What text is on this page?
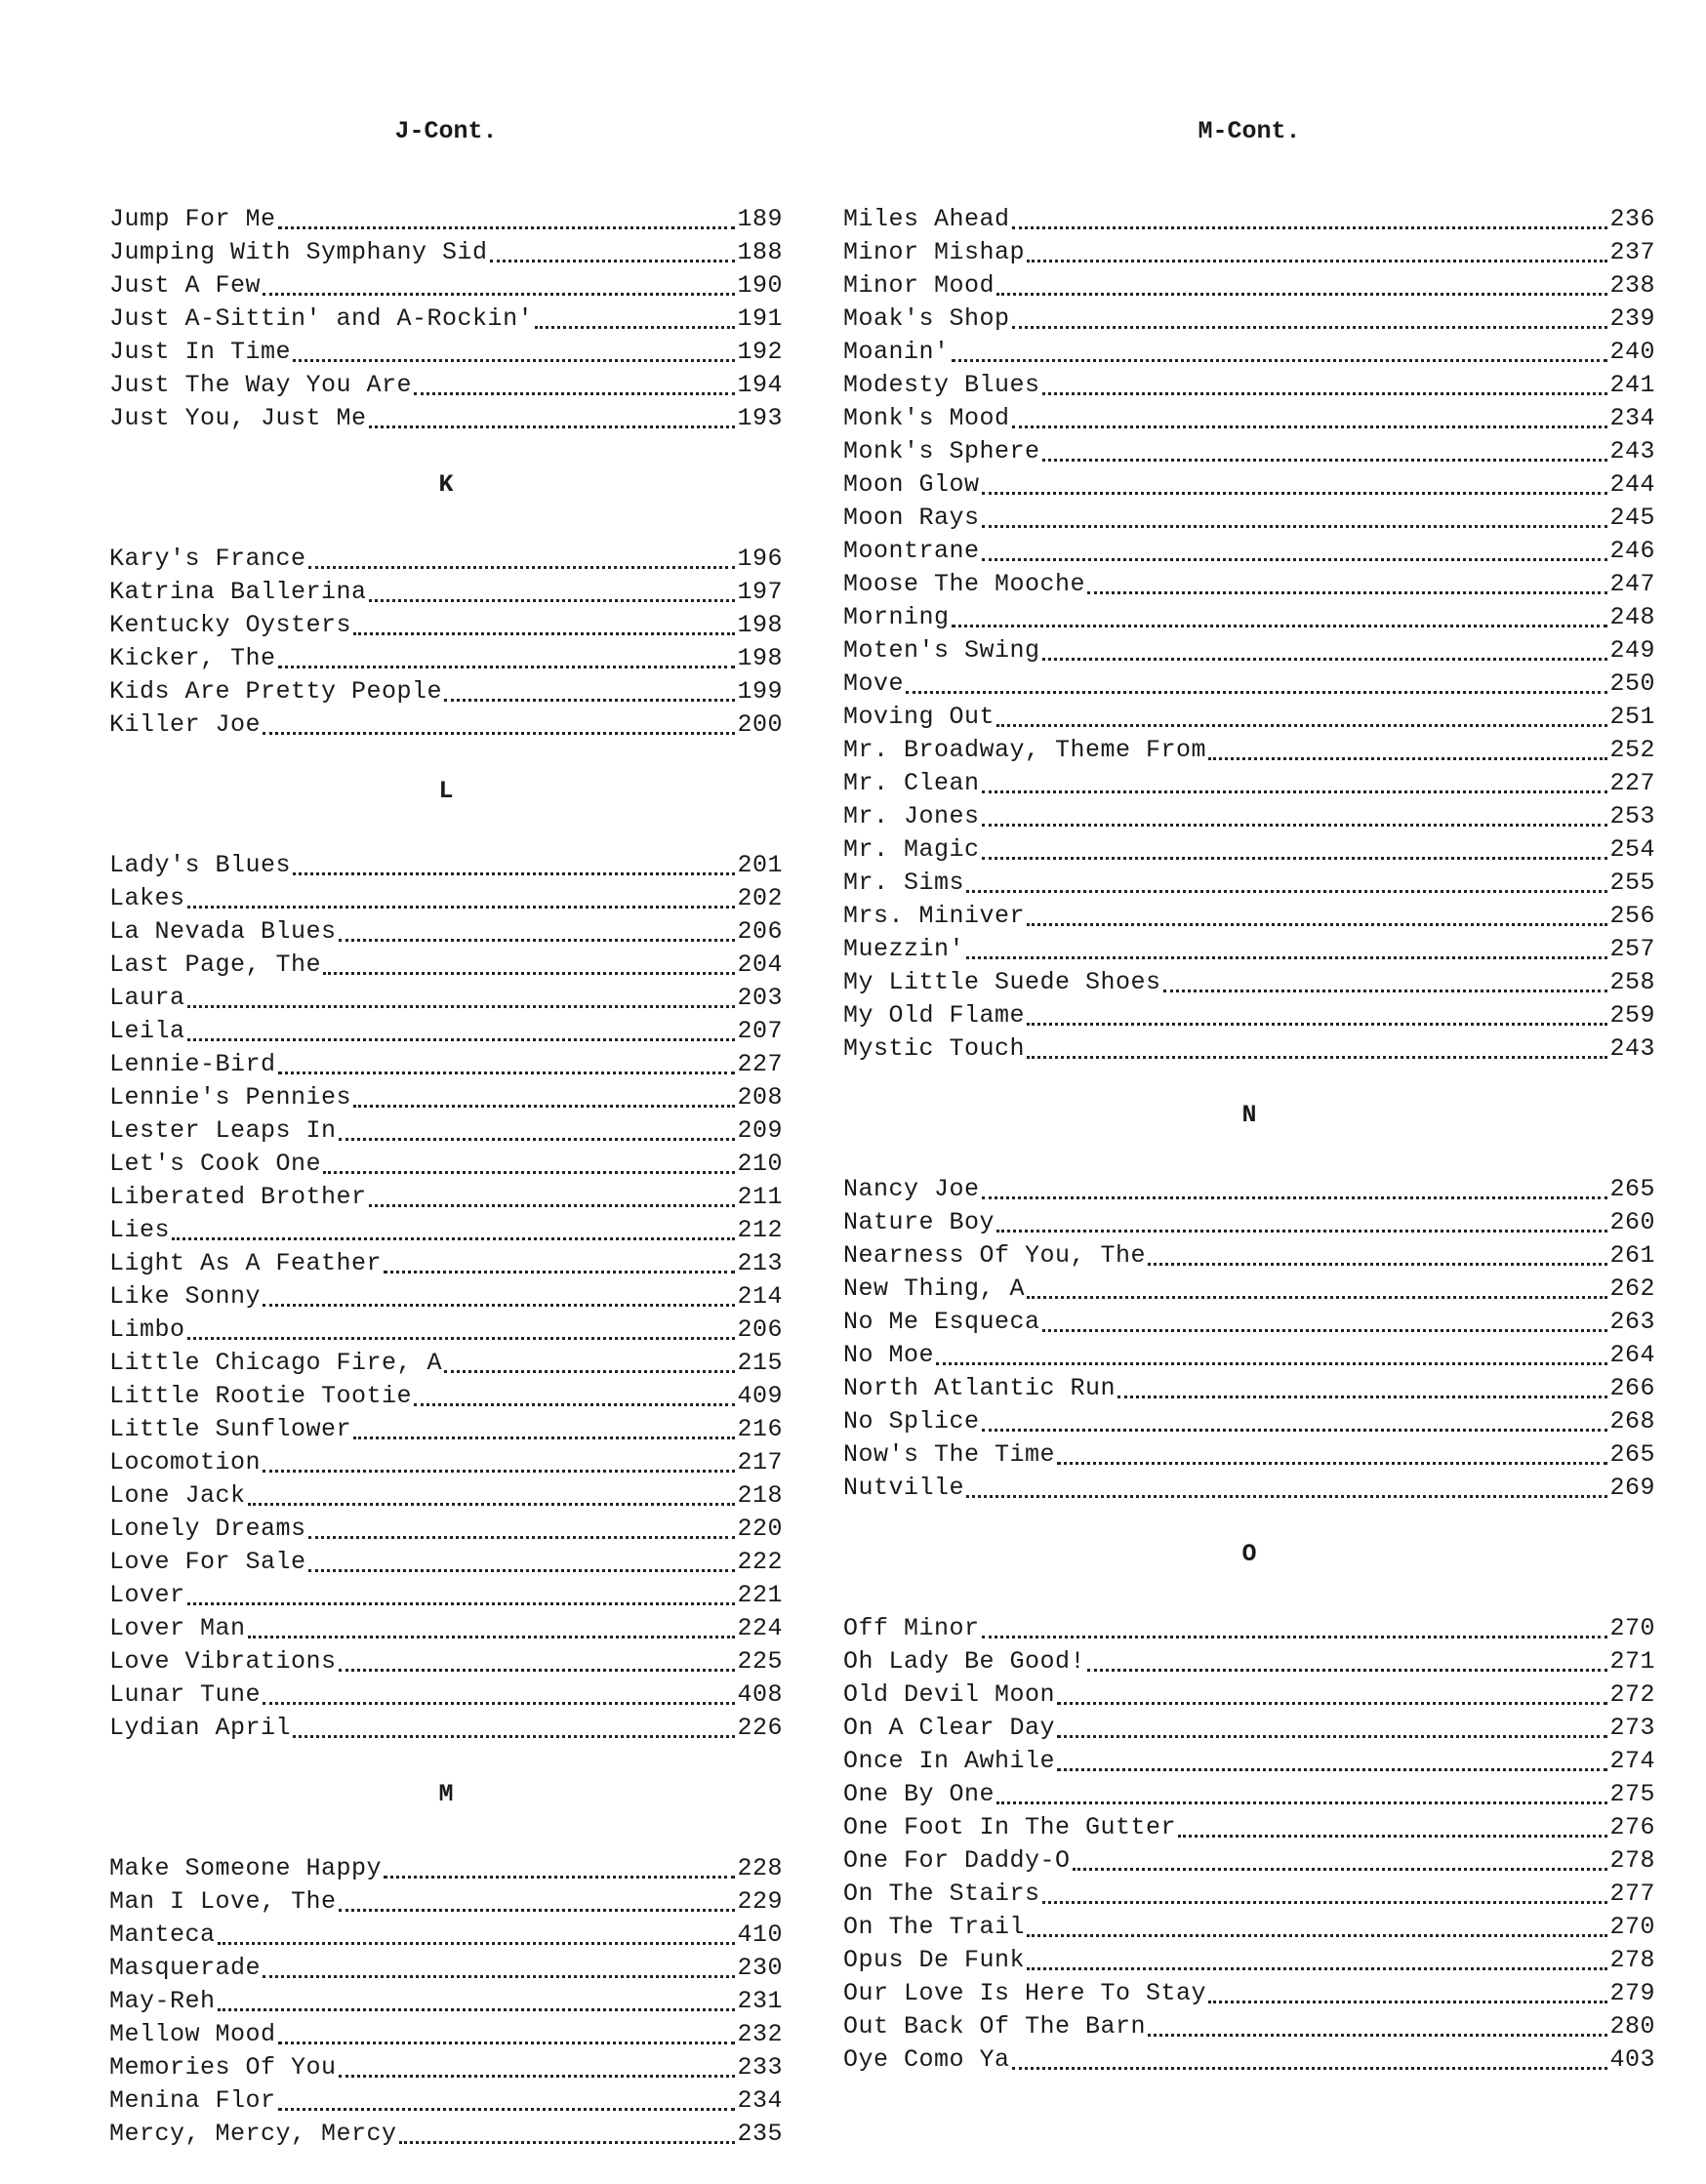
J-Cont.
Jump For Me	189
Jumping With Symphany Sid	188
Just A Few	190
Just A-Sittin' and A-Rockin'	191
Just In Time	192
Just The Way You Are	194
Just You, Just Me	193
K
Kary's France	196
Katrina Ballerina	197
Kentucky Oysters	198
Kicker, The	198
Kids Are Pretty People	199
Killer Joe	200
L
Lady's Blues	201
Lakes	202
La Nevada Blues	206
Last Page, The	204
Laura	203
Leila	207
Lennie-Bird	227
Lennie's Pennies	208
Lester Leaps In	209
Let's Cook One	210
Liberated Brother	211
Lies	212
Light As A Feather	213
Like Sonny	214
Limbo	206
Little Chicago Fire, A	215
Little Rootie Tootie	409
Little Sunflower	216
Locomotion	217
Lone Jack	218
Lonely Dreams	220
Love For Sale	222
Lover	221
Lover Man	224
Love Vibrations	225
Lunar Tune	408
Lydian April	226
M
Make Someone Happy	228
Man I Love, The	229
Manteca	410
Masquerade	230
May-Reh	231
Mellow Mood	232
Memories Of You	233
Menina Flor	234
Mercy, Mercy, Mercy	235
M-Cont.
Miles Ahead	236
Minor Mishap	237
Minor Mood	238
Moak's Shop	239
Moanin'	240
Modesty Blues	241
Monk's Mood	234
Monk's Sphere	243
Moon Glow	244
Moon Rays	245
Moontrane	246
Moose The Mooche	247
Morning	248
Moten's Swing	249
Move	250
Moving Out	251
Mr. Broadway, Theme From	252
Mr. Clean	227
Mr. Jones	253
Mr. Magic	254
Mr. Sims	255
Mrs. Miniver	256
Muezzin'	257
My Little Suede Shoes	258
My Old Flame	259
Mystic Touch	243
N
Nancy Joe	265
Nature Boy	260
Nearness Of You, The	261
New Thing, A	262
No Me Esqueca	263
No Moe	264
North Atlantic Run	266
No Splice	268
Now's The Time	265
Nutville	269
O
Off Minor	270
Oh Lady Be Good!	271
Old Devil Moon	272
On A Clear Day	273
Once In Awhile	274
One By One	275
One Foot In The Gutter	276
One For Daddy-O	278
On The Stairs	277
On The Trail	270
Opus De Funk	278
Our Love Is Here To Stay	279
Out Back Of The Barn	280
Oye Como Ya	403
